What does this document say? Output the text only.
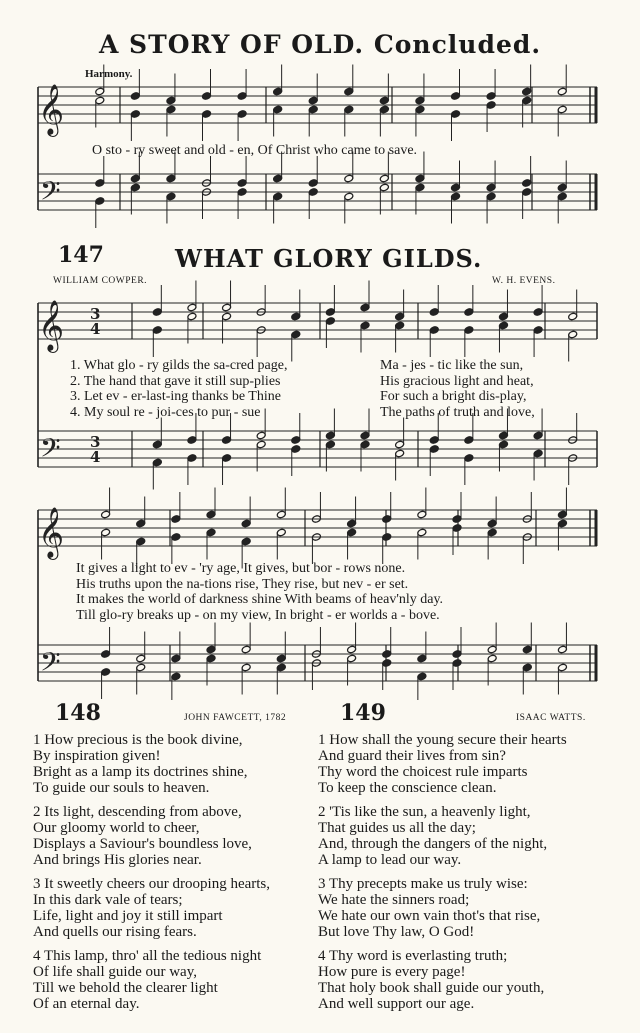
A STORY OF OLD. Concluded.
𝄞
𝄢
𝄞
𝄢
3
4
3
4
𝄞
𝄢
Harmony.
O sto - ry sweet and old - en, Of Christ who came to save.
147	WHAT GLORY GILDS.
WILLIAM COWPER.	W. H. EVENS.
1. What glo - ry gilds the sa-cred page,
2. The hand that gave it still sup-plies
3. Let ev - er-last-ing thanks be Thine
4. My soul re - joi-ces to pur - sue
Ma - jes - tic like the sun,
His gracious light and heat,
For such a bright dis-play,
The paths of truth and love,
It gives a light to ev - 'ry age, It gives, but bor - rows none.
His truths upon the na-tions rise, They rise, but nev - er set.
It makes the world of darkness shine With beams of heav'nly day.
Till glo-ry breaks up - on my view, In bright - er worlds a - bove.
148	JOHN FAWCETT, 1782
1 How precious is the book divine,
By inspiration given!
Bright as a lamp its doctrines shine,
To guide our souls to heaven.
2 Its light, descending from above,
Our gloomy world to cheer,
Displays a Saviour's boundless love,
And brings His glories near.
3 It sweetly cheers our drooping hearts,
In this dark vale of tears;
Life, light and joy it still impart
And quells our rising fears.
4 This lamp, thro' all the tedious night
Of life shall guide our way,
Till we behold the clearer light
Of an eternal day.
149	ISAAC WATTS.
1 How shall the young secure their hearts
And guard their lives from sin?
Thy word the choicest rule imparts
To keep the conscience clean.
2 'Tis like the sun, a heavenly light,
That guides us all the day;
And, through the dangers of the night,
A lamp to lead our way.
3 Thy precepts make us truly wise:
We hate the sinners road;
We hate our own vain thot's that rise,
But love Thy law, O God!
4 Thy word is everlasting truth;
How pure is every page!
That holy book shall guide our youth,
And well support our age.
